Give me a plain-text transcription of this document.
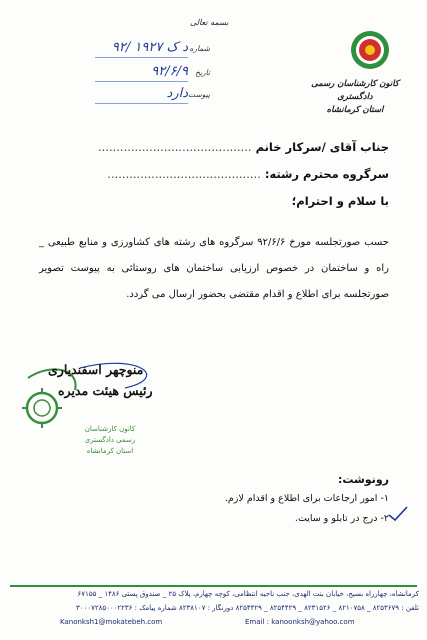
بسمه تعالی
کانون کارشناسان رسمی دادگستری
استان کرمانشاه
شماره
۹۲/ ۱۹۲۷ د ک
تاریخ
۹۲/۶/۹
پیوست
دارد
جناب آقای /سرکار خانم ..........................................
سرگروه محترم رشته: ..........................................
با سلام و احترام؛
حسب صورتجلسه مورخ ۹۲/۶/۶ سرگروه های رشته های کشاورزی و منابع طبیعی _ راه و ساختمان در خصوص ارزیابی ساختمان های روستائی به پیوست تصویر صورتجلسه برای اطلاع و اقدام مقتضی بحضور ارسال می گردد.
منوچهر اسفندیاری
رئیس هیئت مدیره
کانون کارشناسان رسمی دادگستری
استان کرمانشاه
رونوشت:
۱- امور ارجاعات برای اطلاع و اقدام لازم.
۲- درج در تابلو و سایت.
کرمانشاه، چهارراه بسیج، خیابان بنت الهدی، جنب ناحیه انتظامی، کوچه چهارم، پلاک ۲۵ _ صندوق پستی ۱۴۸۶ _ ۶۷۱۵۵
تلفن : ۸۲۵۳۶۷۹ _ ۸۲۱۰۷۵۸ _ ۸۲۳۱۵۲۶ _ ۸۲۵۴۴۲۹ _ ۸۲۵۴۴۲۹ دورنگار : ۸۲۳۸۱۰۷ شماره پیامک : ۳۰۰۰۷۲۸۵۰۰۰۲۲۳۶
Kanonksh1@mokatebeh.com	Email : kanoonksh@yahoo.com
